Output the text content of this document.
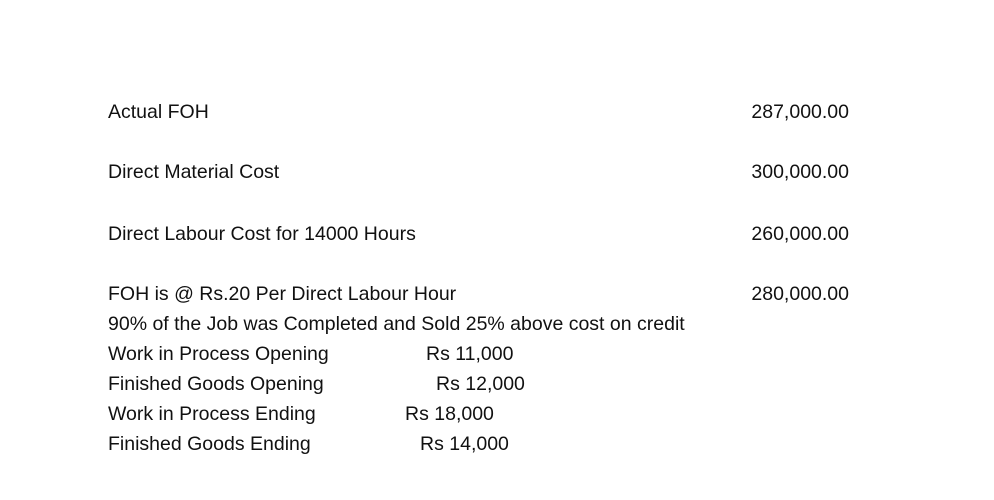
Actual FOH	287,000.00
Direct Material Cost	300,000.00
Direct Labour Cost for 14000 Hours	260,000.00
FOH is @ Rs.20 Per Direct Labour Hour	280,000.00
90% of the Job was Completed and Sold 25% above cost on credit
Work in Process Opening	Rs 11,000
Finished Goods Opening	Rs 12,000
Work in Process Ending	Rs 18,000
Finished Goods Ending	Rs 14,000
